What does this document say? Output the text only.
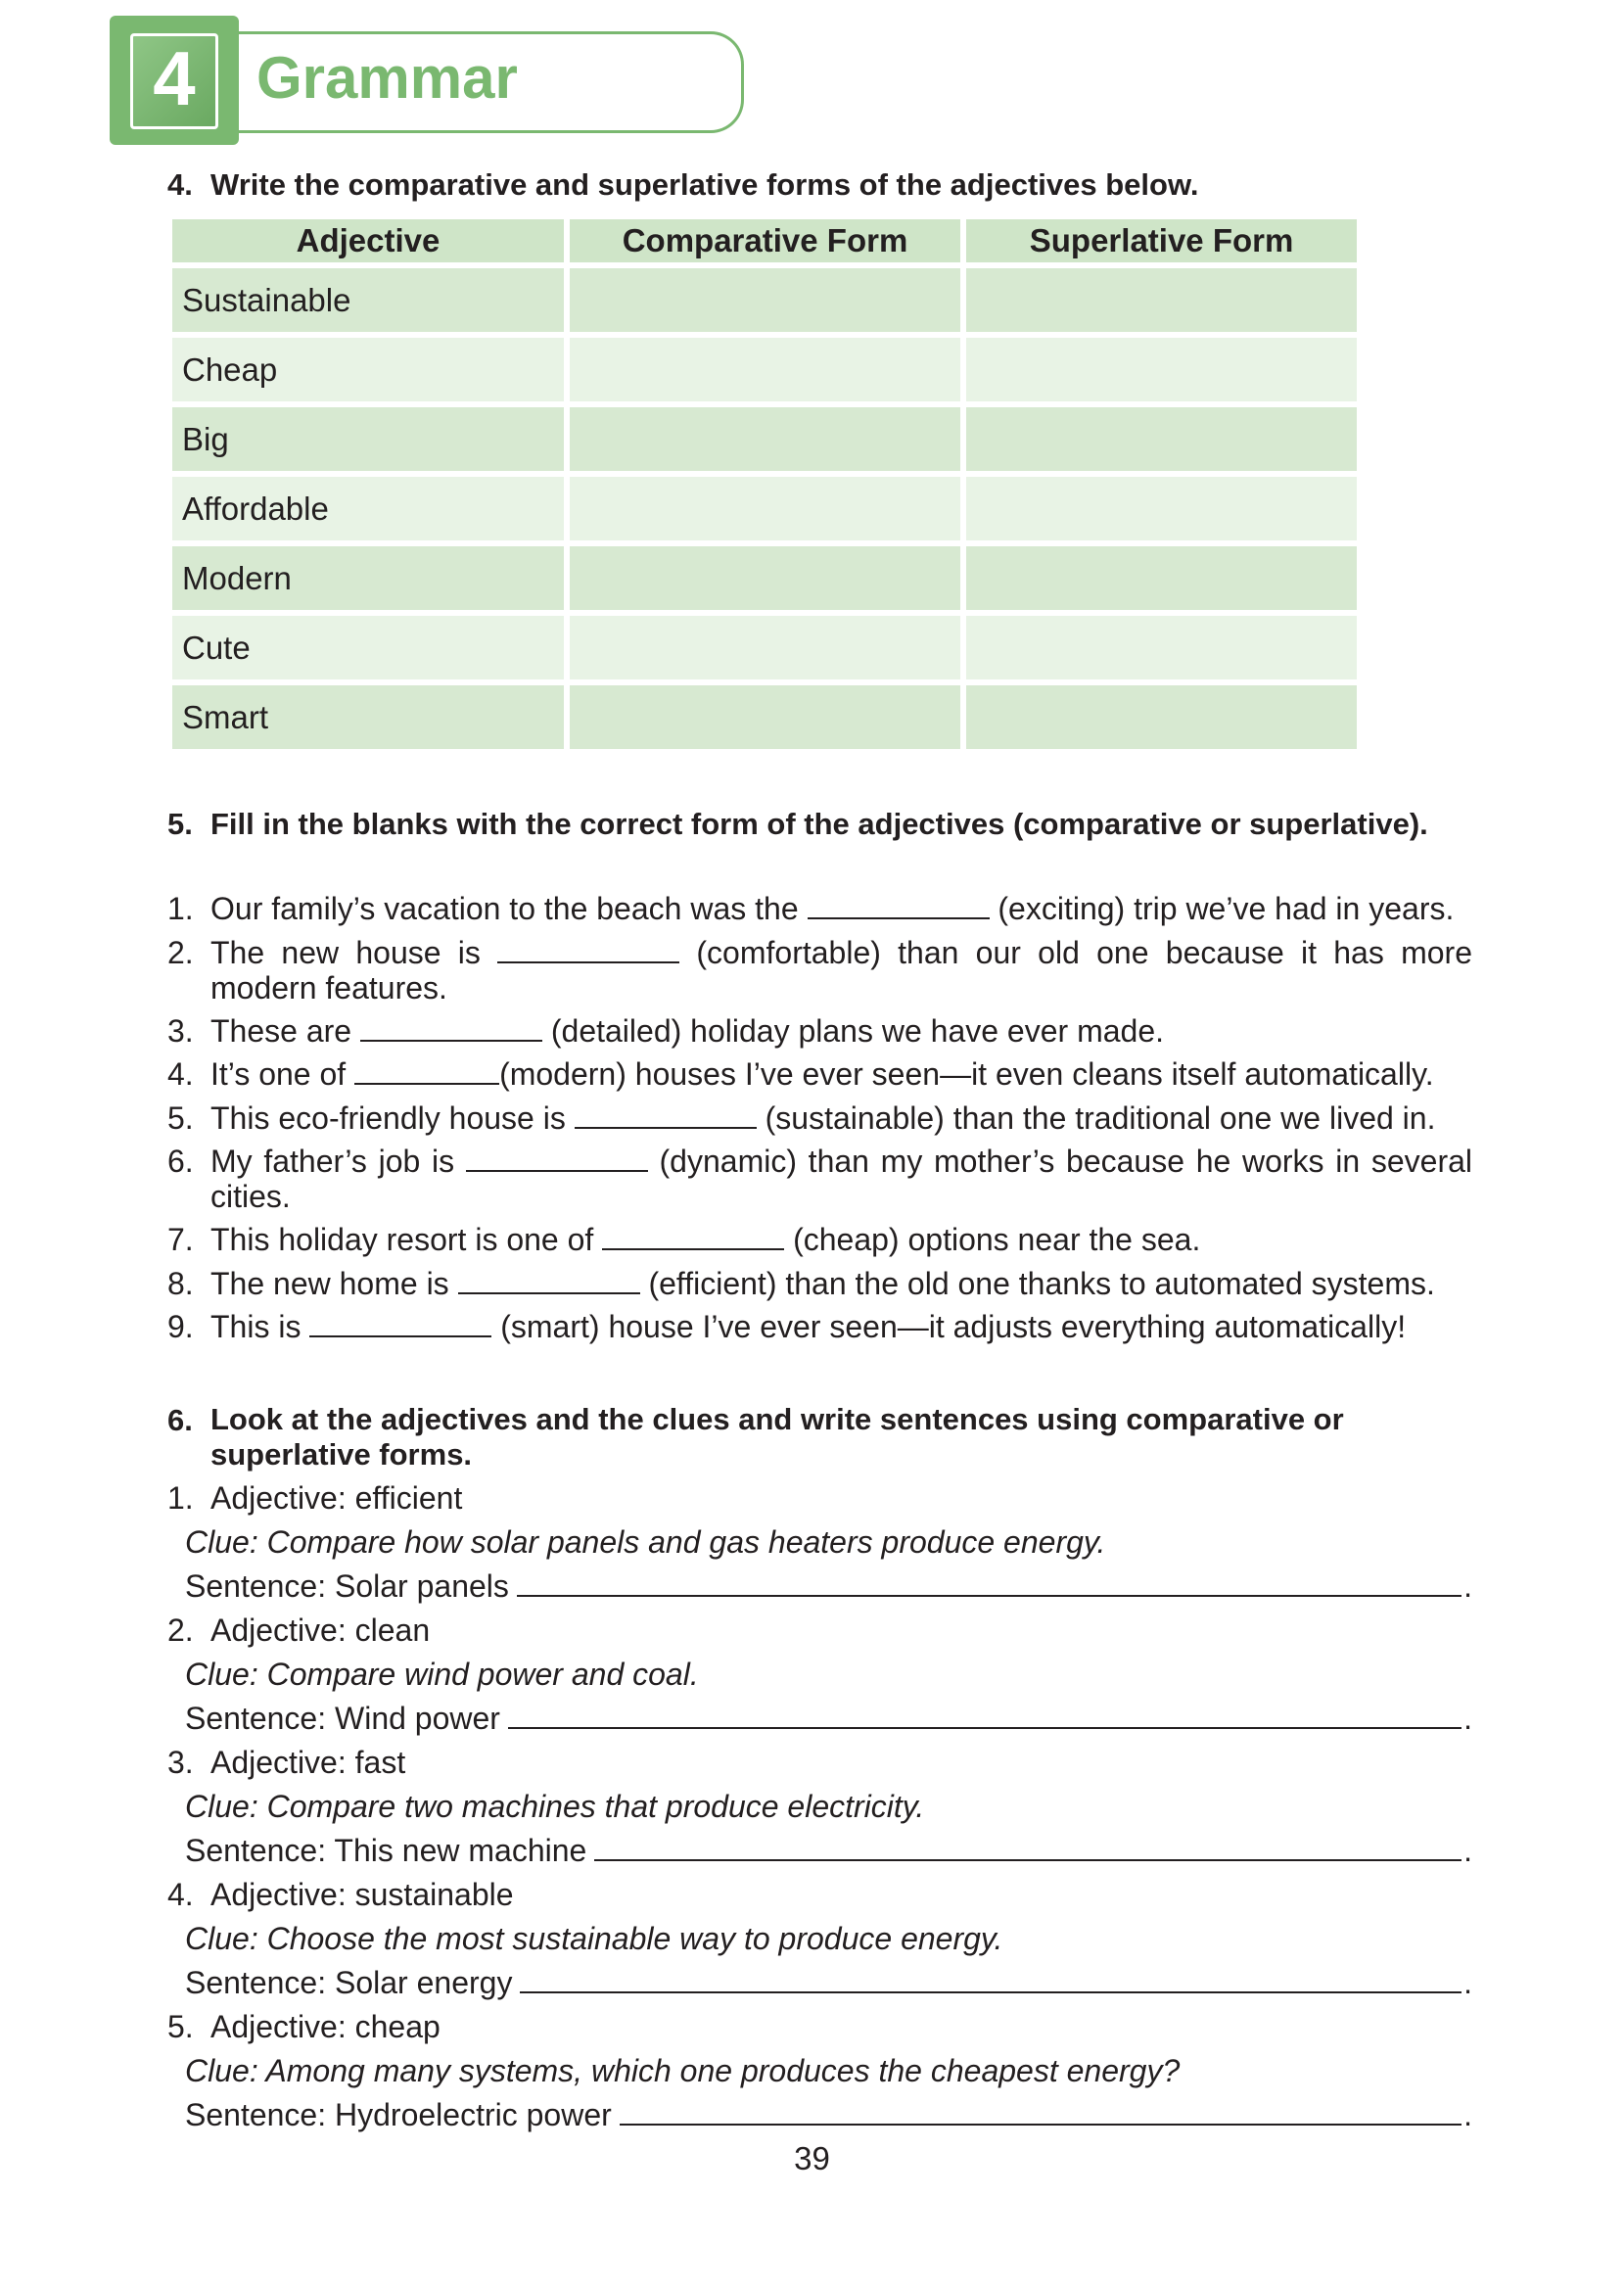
4	Grammar
4. Write the comparative and superlative forms of the adjectives below.
Adjective	Comparative Form	Superlative Form
Sustainable		
Cheap		
Big		
Affordable		
Modern		
Cute		
Smart		
5. Fill in the blanks with the correct form of the adjectives (comparative or superlative).
1. Our family’s vacation to the beach was the	(exciting) trip we’ve had in years.
2. The new house is	(comfortable) than our old one because it has more modern features.
3. These are	(detailed) holiday plans we have ever made.
4. It’s one of	(modern) houses I’ve ever seen—it even cleans itself automatically.
5. This eco-friendly house is	(sustainable) than the traditional one we lived in.
6. My father’s job is	(dynamic) than my mother’s because he works in several cities.
7. This holiday resort is one of	(cheap) options near the sea.
8. The new home is	(efficient) than the old one thanks to automated systems.
9. This is	(smart) house I’ve ever seen—it adjusts everything automatically!
6. Look at the adjectives and the clues and write sentences using comparative or superlative forms.
1. Adjective: efficient
Clue: Compare how solar panels and gas heaters produce energy.
Sentence: Solar panels	.
2. Adjective: clean
Clue: Compare wind power and coal.
Sentence: Wind power	.
3. Adjective: fast
Clue: Compare two machines that produce electricity.
Sentence: This new machine	.
4. Adjective: sustainable
Clue: Choose the most sustainable way to produce energy.
Sentence: Solar energy	.
5. Adjective: cheap
Clue: Among many systems, which one produces the cheapest energy?
Sentence: Hydroelectric power	.
39
